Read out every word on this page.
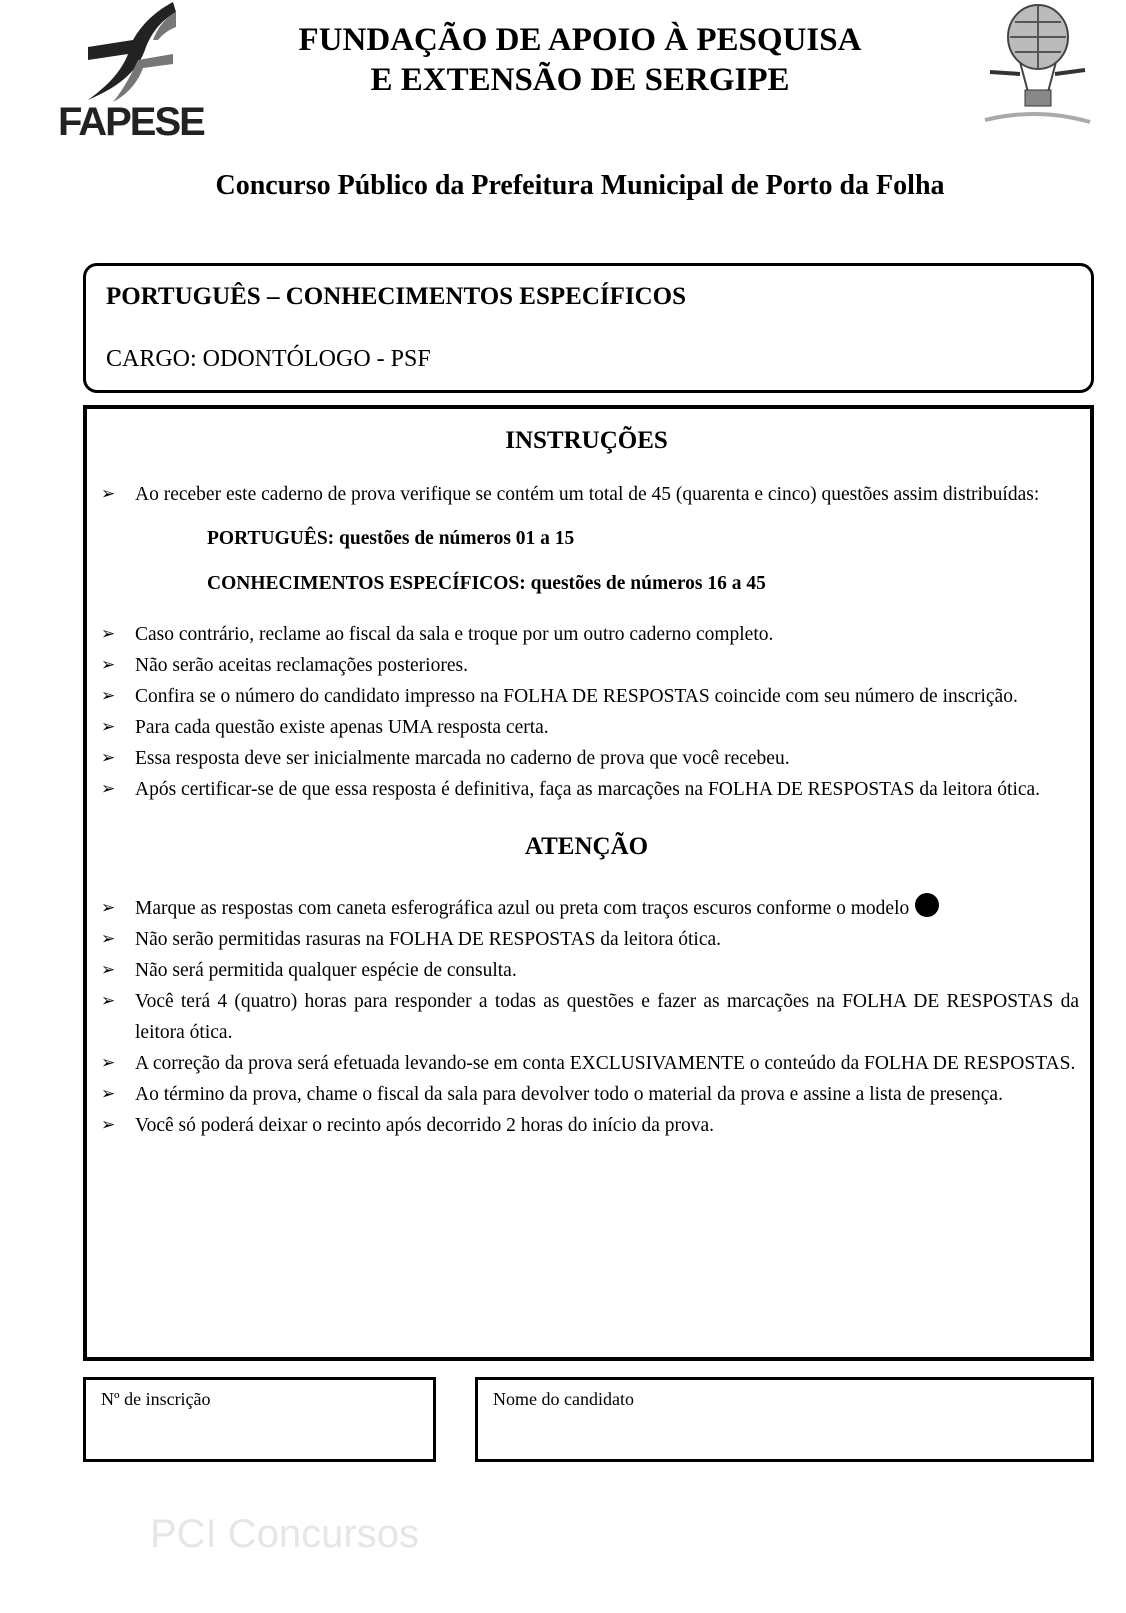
PCI Concursos
FAPESE
FUNDAÇÃO DE APOIO À PESQUISA
E EXTENSÃO DE SERGIPE
Concurso Público da Prefeitura Municipal de Porto da Folha
PORTUGUÊS – CONHECIMENTOS ESPECÍFICOS
CARGO: ODONTÓLOGO - PSF
INSTRUÇÕES
➢ Ao receber este caderno de prova verifique se contém um total de 45 (quarenta e cinco) questões assim distribuídas:
PORTUGUÊS: questões de números 01 a 15
CONHECIMENTOS ESPECÍFICOS: questões de números 16 a 45
➢ Caso contrário, reclame ao fiscal da sala e troque por um outro caderno completo.
➢ Não serão aceitas reclamações posteriores.
➢ Confira se o número do candidato impresso na FOLHA DE RESPOSTAS coincide com seu número de inscrição.
➢ Para cada questão existe apenas UMA resposta certa.
➢ Essa resposta deve ser inicialmente marcada no caderno de prova que você recebeu.
➢ Após certificar-se de que essa resposta é definitiva, faça as marcações na FOLHA DE RESPOSTAS da leitora ótica.
ATENÇÃO
➢ Marque as respostas com caneta esferográfica azul ou preta com traços escuros conforme o modelo
➢ Não serão permitidas rasuras na FOLHA DE RESPOSTAS da leitora ótica.
➢ Não será permitida qualquer espécie de consulta.
➢ Você terá 4 (quatro) horas para responder a todas as questões e fazer as marcações na FOLHA DE RESPOSTAS da leitora ótica.
➢ A correção da prova será efetuada levando-se em conta EXCLUSIVAMENTE o conteúdo da FOLHA DE RESPOSTAS.
➢ Ao término da prova, chame o fiscal da sala para devolver todo o material da prova e assine a lista de presença.
➢ Você só poderá deixar o recinto após decorrido 2 horas do início da prova.
Nº de inscrição	Nome do candidato
